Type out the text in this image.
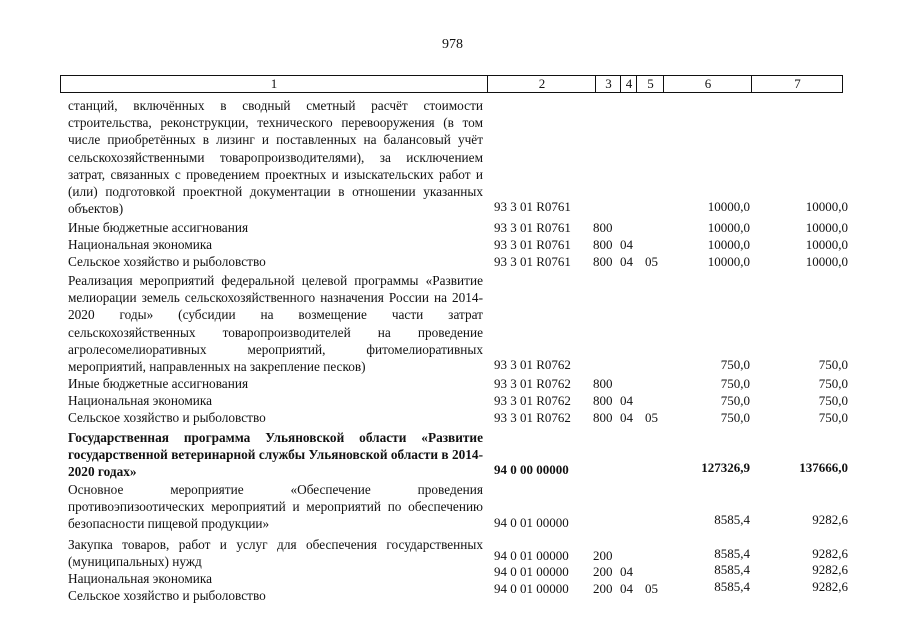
978
1	2	3	4	5	6	7
станций, включённых в сводный сметный расчёт стоимости строительства, реконструкции, технического перевооружения (в том числе приобретённых в лизинг и поставленных на балансовый учёт сельскохозяйственными товаропроизводителями), за исключением затрат, связанных с проведением проектных и изыскательских работ и (или) подготовкой проектной документации в отношении указанных объектов)	93 3 01 R0761	10000,0	10000,0
Иные бюджетные ассигнования	93 3 01 R0761 800	10000,0	10000,0
Национальная экономика	93 3 01 R0761 800 04	10000,0	10000,0
Сельское хозяйство и рыболовство	93 3 01 R0761 800 04 05	10000,0	10000,0
Реализация мероприятий федеральной целевой программы «Развитие мелиорации земель сельскохозяйственного назначения России на 2014-2020 годы» (субсидии на возмещение части затрат сельскохозяйственных товаропроизводителей на проведение агролесомелиоративных мероприятий, фитомелиоративных мероприятий, направленных на закрепление песков)	93 3 01 R0762	750,0	750,0
Иные бюджетные ассигнования	93 3 01 R0762 800	750,0	750,0
Национальная экономика	93 3 01 R0762 800 04	750,0	750,0
Сельское хозяйство и рыболовство	93 3 01 R0762 800 04 05	750,0	750,0
Государственная программа Ульяновской области «Развитие государственной ветеринарной службы Ульяновской области в 2014-2020 годах»	94 0 00 00000	127326,9	137666,0
Основное мероприятие «Обеспечение проведения противоэпизоотических мероприятий и мероприятий по обеспечению безопасности пищевой продукции»	94 0 01 00000	8585,4	9282,6
Закупка товаров, работ и услуг для обеспечения государственных (муниципальных) нужд	94 0 01 00000 200	8585,4	9282,6
Национальная экономика	94 0 01 00000 200 04	8585,4	9282,6
Сельское хозяйство и рыболовство	94 0 01 00000 200 04 05	8585,4	9282,6
